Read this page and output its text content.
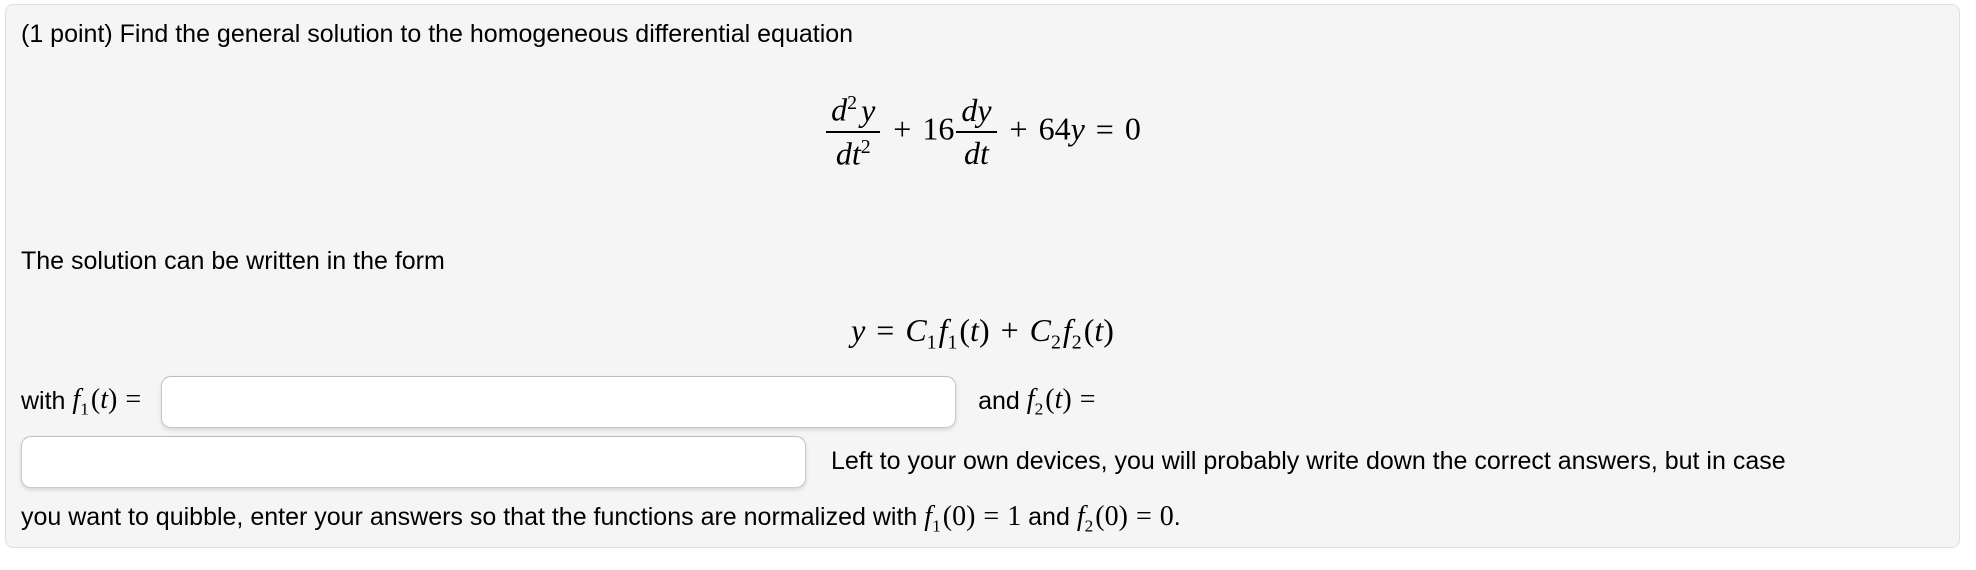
(1 point) Find the general solution to the homogeneous differential equation

$\frac{d^2 y}{dt^2} + 16 \frac{dy}{dt} + 64y = 0$

The solution can be written in the form

$y = C_1f_1(t) + C_2f_2(t)$
with
$f_1(t)$ =	and
$f_2(t)$ =
Left to your own devices, you will probably write down the correct answers, but in case

you want to quibble, enter your answers so that the functions are normalized with $f_1(0) = 1$ and $f_2(0) = 0$.
